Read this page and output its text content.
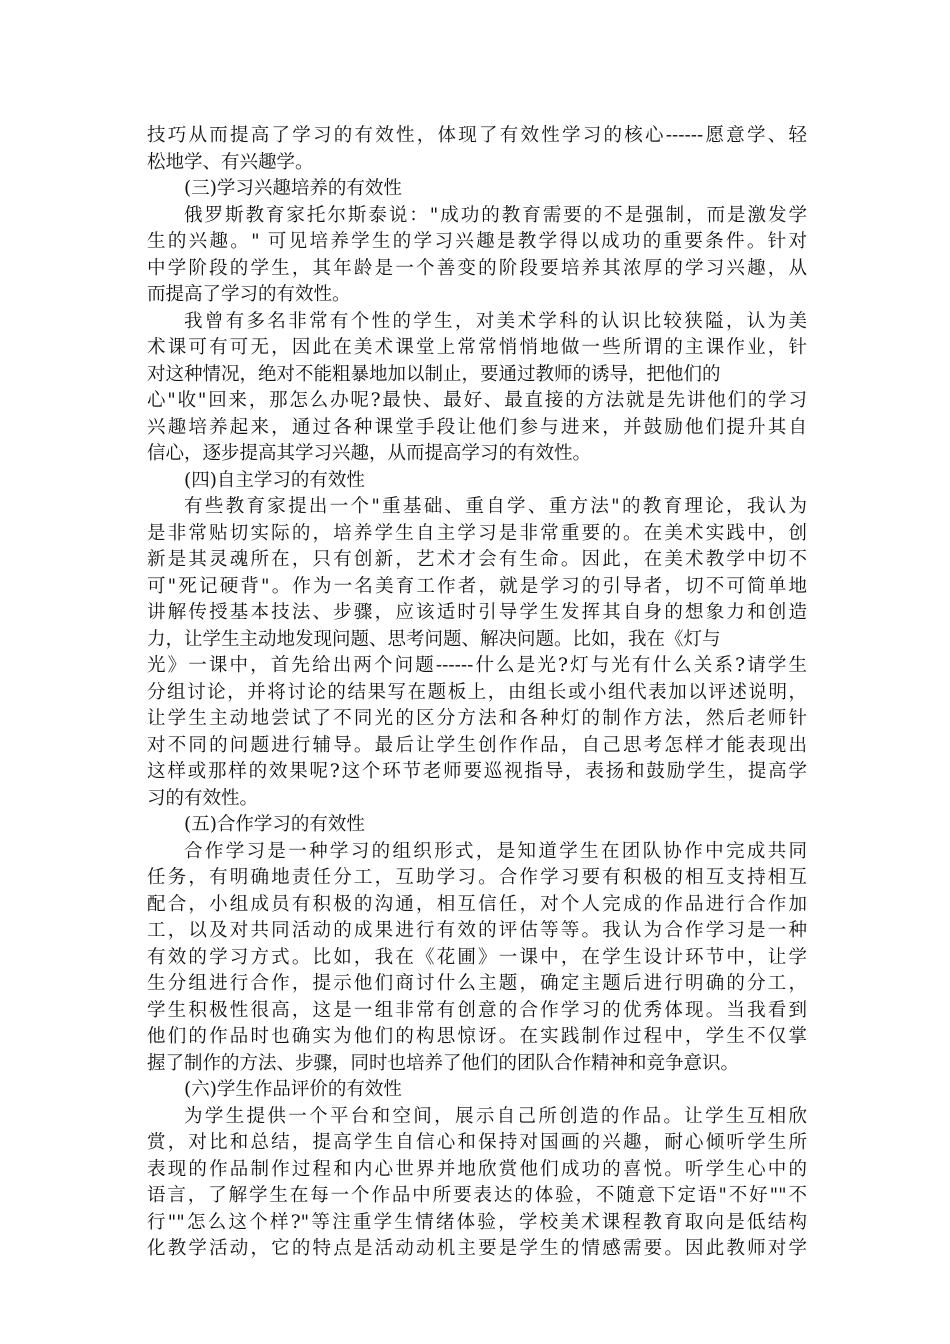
技巧从而提高了学习的有效性，体现了有效性学习的核心------愿意学、轻
松地学、有兴趣学。
(三)学习兴趣培养的有效性
俄罗斯教育家托尔斯泰说："成功的教育需要的不是强制，而是激发学
生的兴趣。" 可见培养学生的学习兴趣是教学得以成功的重要条件。针对
中学阶段的学生，其年龄是一个善变的阶段要培养其浓厚的学习兴趣，从
而提高了学习的有效性。
我曾有多名非常有个性的学生，对美术学科的认识比较狭隘，认为美
术课可有可无，因此在美术课堂上常常悄悄地做一些所谓的主课作业，针
对这种情况，绝对不能粗暴地加以制止，要通过教师的诱导，把他们的
心"收"回来，那怎么办呢?最快、最好、最直接的方法就是先讲他们的学习
兴趣培养起来，通过各种课堂手段让他们参与进来，并鼓励他们提升其自
信心，逐步提高其学习兴趣，从而提高学习的有效性。
(四)自主学习的有效性
有些教育家提出一个"重基础、重自学、重方法"的教育理论，我认为
是非常贴切实际的，培养学生自主学习是非常重要的。在美术实践中，创
新是其灵魂所在，只有创新，艺术才会有生命。因此，在美术教学中切不
可"死记硬背"。作为一名美育工作者，就是学习的引导者，切不可简单地
讲解传授基本技法、步骤，应该适时引导学生发挥其自身的想象力和创造
力，让学生主动地发现问题、思考问题、解决问题。比如，我在《灯与
光》一课中，首先给出两个问题------什么是光?灯与光有什么关系?请学生
分组讨论，并将讨论的结果写在题板上，由组长或小组代表加以评述说明，
让学生主动地尝试了不同光的区分方法和各种灯的制作方法，然后老师针
对不同的问题进行辅导。最后让学生创作作品，自己思考怎样才能表现出
这样或那样的效果呢?这个环节老师要巡视指导，表扬和鼓励学生，提高学
习的有效性。
(五)合作学习的有效性
合作学习是一种学习的组织形式，是知道学生在团队协作中完成共同
任务，有明确地责任分工，互助学习。合作学习要有积极的相互支持相互
配合，小组成员有积极的沟通，相互信任，对个人完成的作品进行合作加
工，以及对共同活动的成果进行有效的评估等等。我认为合作学习是一种
有效的学习方式。比如，我在《花圃》一课中，在学生设计环节中，让学
生分组进行合作，提示他们商讨什么主题，确定主题后进行明确的分工，
学生积极性很高，这是一组非常有创意的合作学习的优秀体现。当我看到
他们的作品时也确实为他们的构思惊讶。在实践制作过程中，学生不仅掌
握了制作的方法、步骤，同时也培养了他们的团队合作精神和竞争意识。
(六)学生作品评价的有效性
为学生提供一个平台和空间，展示自己所创造的作品。让学生互相欣
赏，对比和总结，提高学生自信心和保持对国画的兴趣，耐心倾听学生所
表现的作品制作过程和内心世界并地欣赏他们成功的喜悦。听学生心中的
语言，了解学生在每一个作品中所要表达的体验，不随意下定语"不好""不
行""怎么这个样?"等注重学生情绪体验，学校美术课程教育取向是低结构
化教学活动，它的特点是活动动机主要是学生的情感需要。因此教师对学
